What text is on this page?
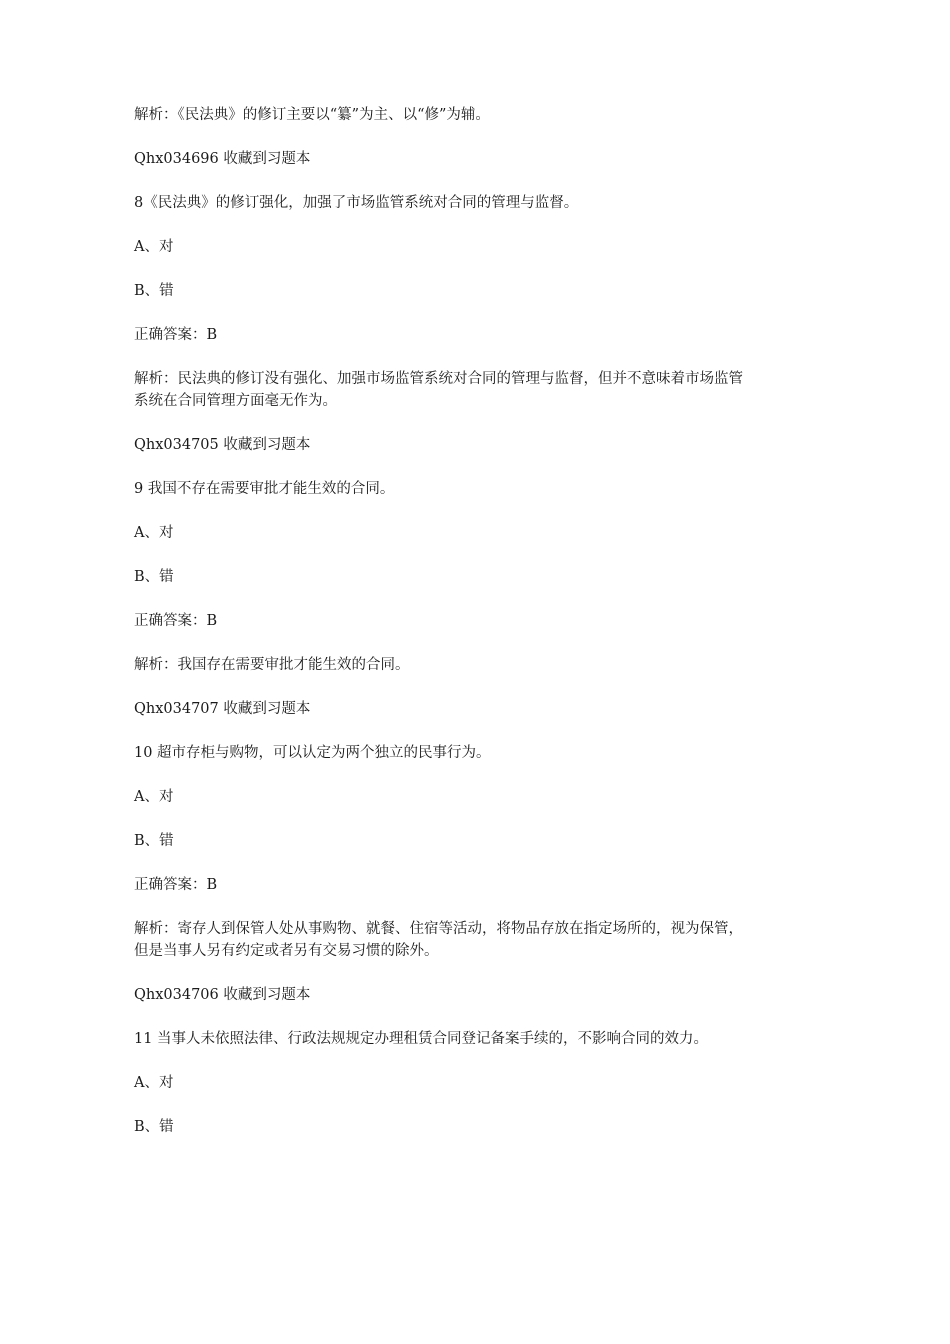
解析：《民法典》的修订主要以“纂”为主、以“修”为辅。

Qhx034696 收藏到习题本

8《民法典》的修订强化，加强了市场监管系统对合同的管理与监督。

A、对

B、错

正确答案：B

解析：民法典的修订没有强化、加强市场监管系统对合同的管理与监督，但并不意味着市场监管系统在合同管理方面毫无作为。

Qhx034705 收藏到习题本

9 我国不存在需要审批才能生效的合同。

A、对

B、错

正确答案：B

解析：我国存在需要审批才能生效的合同。

Qhx034707 收藏到习题本

10 超市存柜与购物，可以认定为两个独立的民事行为。

A、对

B、错

正确答案：B

解析：寄存人到保管人处从事购物、就餐、住宿等活动，将物品存放在指定场所的，视为保管，但是当事人另有约定或者另有交易习惯的除外。

Qhx034706 收藏到习题本

11 当事人未依照法律、行政法规规定办理租赁合同登记备案手续的，不影响合同的效力。

A、对

B、错
